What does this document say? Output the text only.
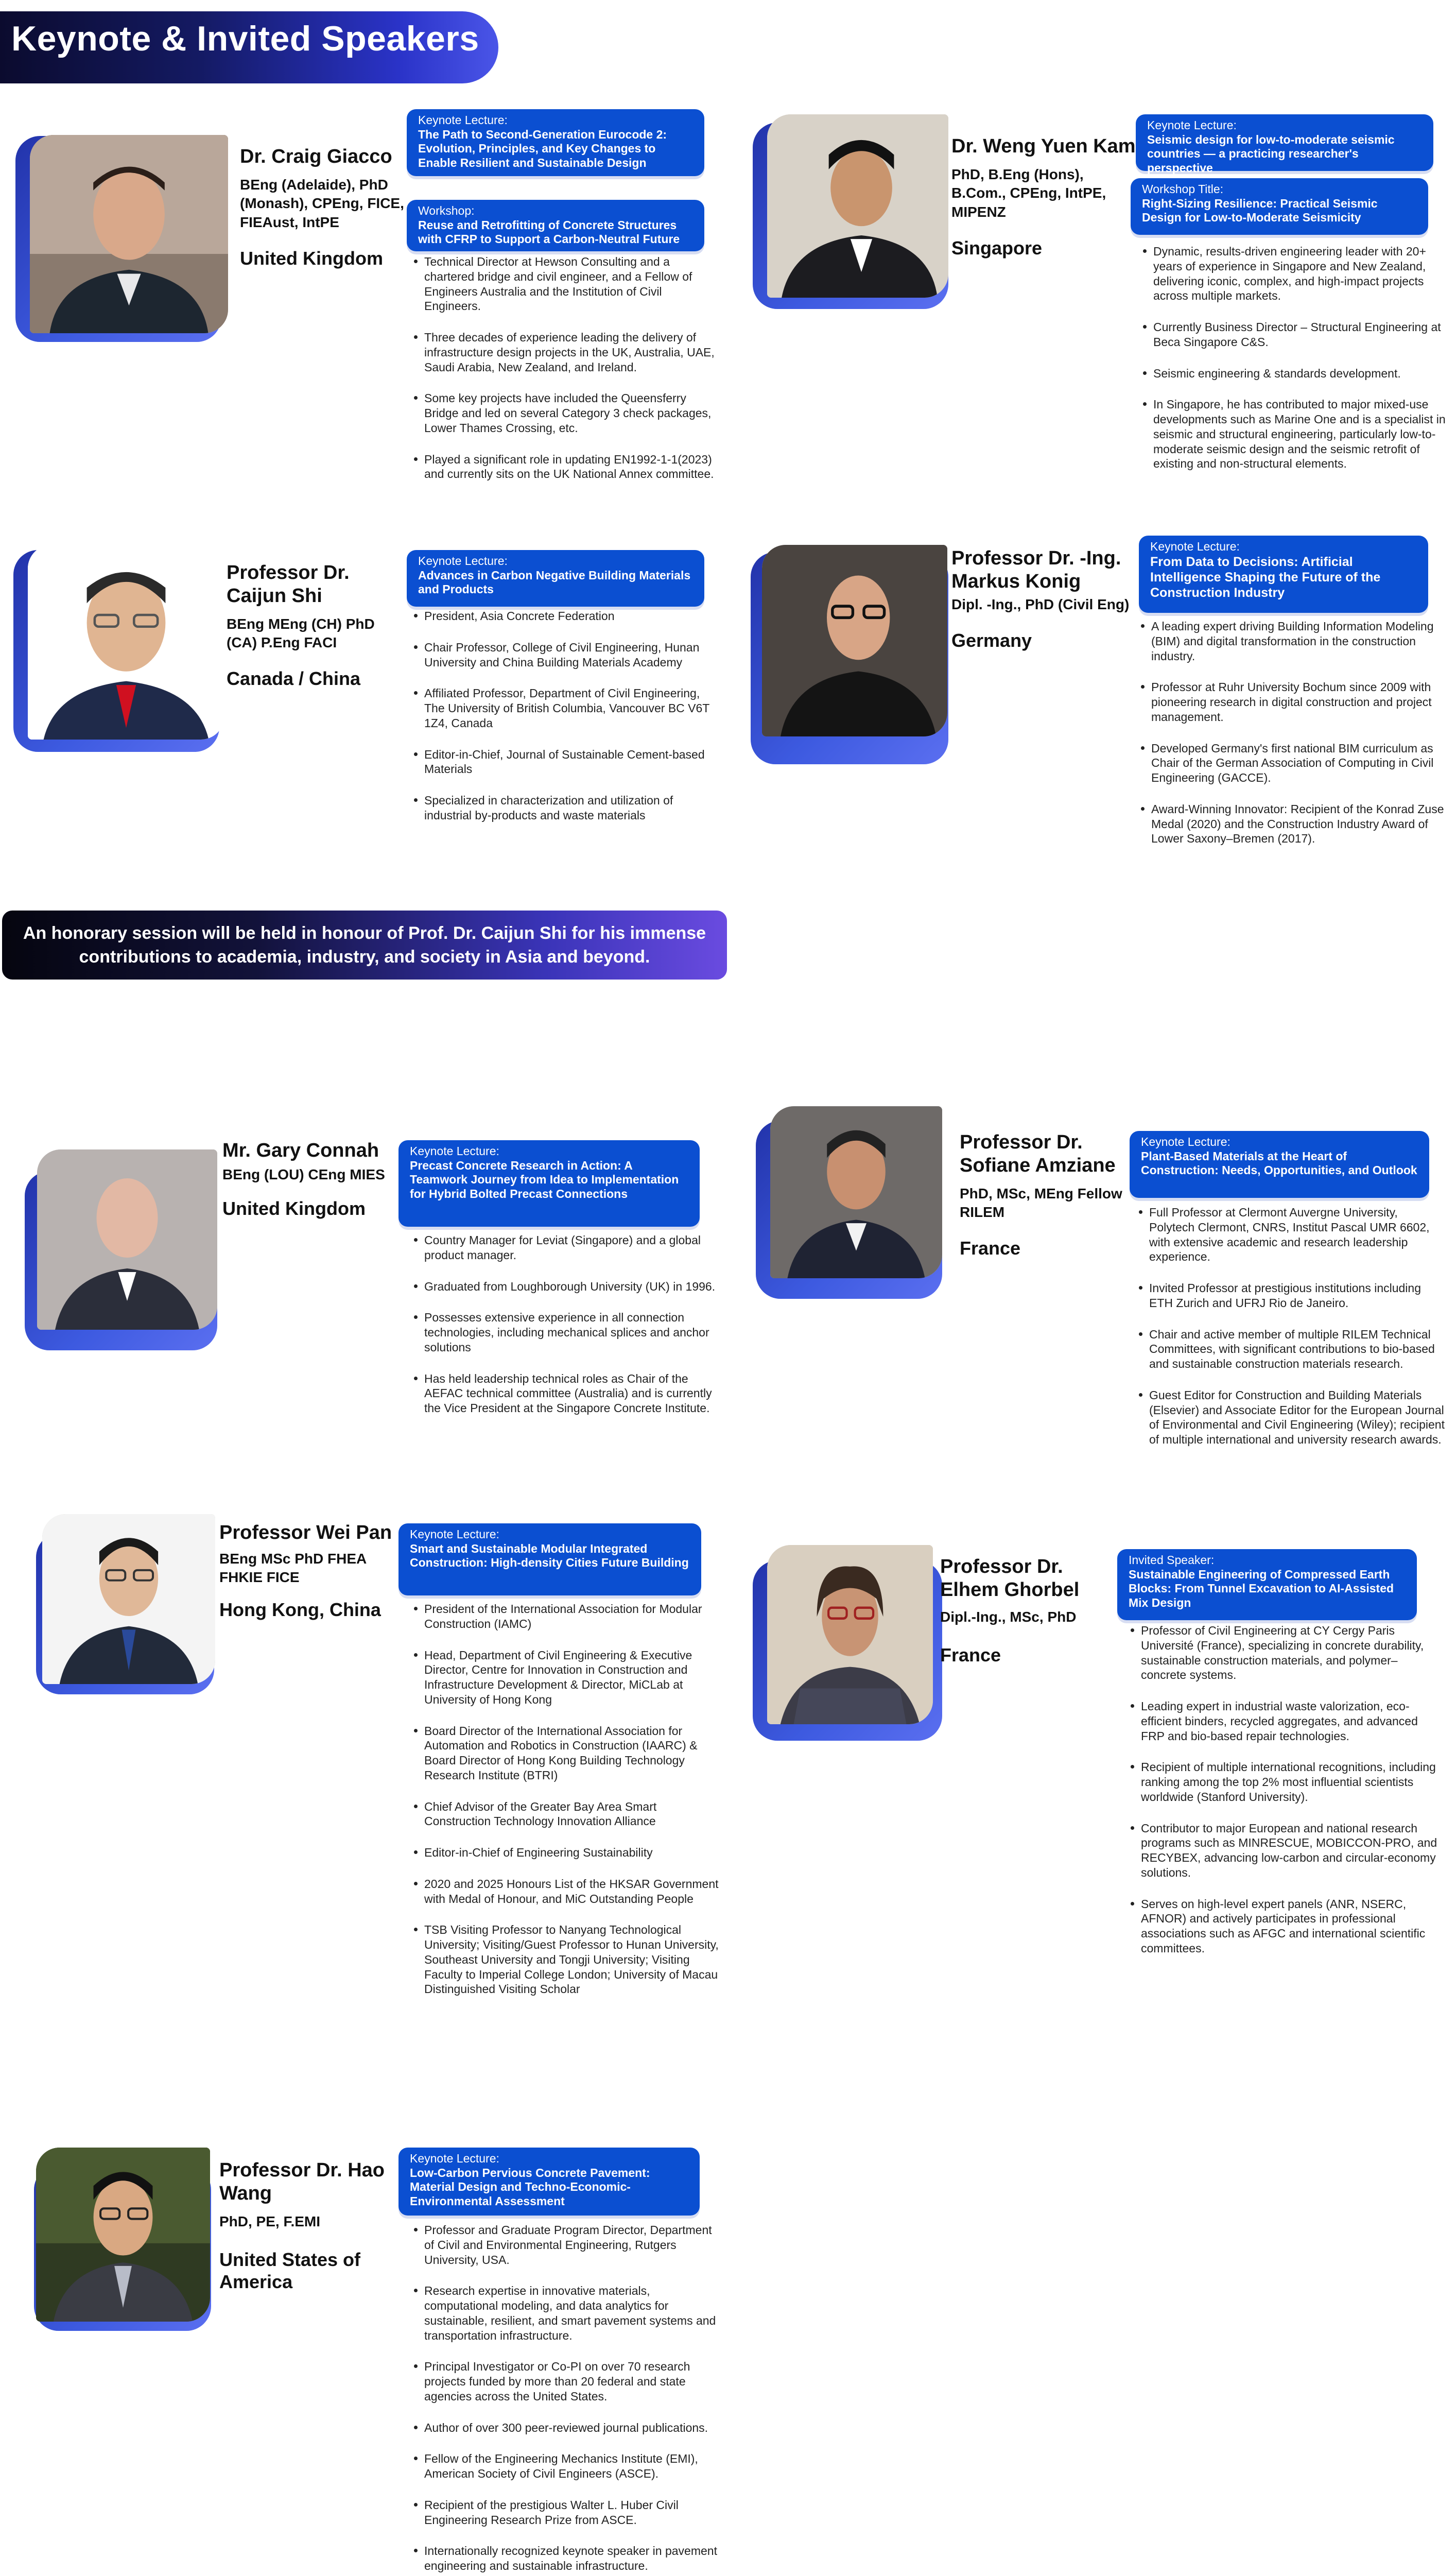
Keynote & Invited Speakers
Dr. Craig Giacco
BEng (Adelaide), PhD (Monash), CPEng, FICE, FIEAust, IntPE
United Kingdom
Keynote Lecture:
The Path to Second-Generation Eurocode 2: Evolution, Principles, and Key Changes to Enable Resilient and Sustainable Design
Workshop:
Reuse and Retrofitting of Concrete Structures with CFRP to Support a Carbon-Neutral Future
Technical Director at Hewson Consulting and a chartered bridge and civil engineer, and a Fellow of Engineers Australia and the Institution of Civil Engineers.
Three decades of experience leading the delivery of infrastructure design projects in the UK, Australia, UAE, Saudi Arabia, New Zealand, and Ireland.
Some key projects have included the Queensferry Bridge and led on several Category 3 check packages, Lower Thames Crossing, etc.
Played a significant role in updating EN1992-1-1(2023) and currently sits on the UK National Annex committee.
Dr. Weng Yuen Kam
PhD, B.Eng (Hons), B.Com., CPEng, IntPE, MIPENZ
Singapore
Keynote Lecture:
Seismic design for low-to-moderate seismic countries — a practicing researcher's perspective
Workshop Title:
Right-Sizing Resilience: Practical Seismic Design for Low-to-Moderate Seismicity
Dynamic, results-driven engineering leader with 20+ years of experience in Singapore and New Zealand, delivering iconic, complex, and high-impact projects across multiple markets.
Currently Business Director – Structural Engineering at Beca Singapore C&S.
Seismic engineering & standards development.
In Singapore, he has contributed to major mixed-use developments such as Marine One and is a specialist in seismic and structural engineering, particularly low-to-moderate seismic design and the seismic retrofit of existing and non-structural elements.
Professor Dr. Caijun Shi
BEng MEng (CH) PhD (CA) P.Eng FACI
Canada / China
Keynote Lecture:
Advances in Carbon Negative Building Materials and Products
President, Asia Concrete Federation
Chair Professor, College of Civil Engineering, Hunan University and China Building Materials Academy
Affiliated Professor, Department of Civil Engineering, The University of British Columbia, Vancouver BC V6T 1Z4, Canada
Editor-in-Chief, Journal of Sustainable Cement-based Materials
Specialized in characterization and utilization of industrial by-products and waste materials
Professor Dr. -Ing. Markus Konig
Dipl. -Ing., PhD (Civil Eng)
Germany
Keynote Lecture:
From Data to Decisions: Artificial Intelligence Shaping the Future of the Construction Industry
A leading expert driving Building Information Modeling (BIM) and digital transformation in the construction industry.
Professor at Ruhr University Bochum since 2009 with pioneering research in digital construction and project management.
Developed Germany's first national BIM curriculum as Chair of the German Association of Computing in Civil Engineering (GACCE).
Award-Winning Innovator: Recipient of the Konrad Zuse Medal (2020) and the Construction Industry Award of Lower Saxony–Bremen (2017).
An honorary session will be held in honour of Prof. Dr. Caijun Shi for his immense contributions to academia, industry, and society in Asia and beyond.
Mr. Gary Connah
BEng (LOU) CEng MIES
United Kingdom
Keynote Lecture:
Precast Concrete Research in Action: A Teamwork Journey from Idea to Implementation for Hybrid Bolted Precast Connections
Country Manager for Leviat (Singapore) and a global product manager.
Graduated from Loughborough University (UK) in 1996.
Possesses extensive experience in all connection technologies, including mechanical splices and anchor solutions
Has held leadership technical roles as Chair of the AEFAC technical committee (Australia) and is currently the Vice President at the Singapore Concrete Institute.
Professor Dr. Sofiane Amziane
PhD, MSc, MEng Fellow RILEM
France
Keynote Lecture:
Plant-Based Materials at the Heart of Construction: Needs, Opportunities, and Outlook
Full Professor at Clermont Auvergne University, Polytech Clermont, CNRS, Institut Pascal UMR 6602, with extensive academic and research leadership experience.
Invited Professor at prestigious institutions including ETH Zurich and UFRJ Rio de Janeiro.
Chair and active member of multiple RILEM Technical Committees, with significant contributions to bio-based and sustainable construction materials research.
Guest Editor for Construction and Building Materials (Elsevier) and Associate Editor for the European Journal of Environmental and Civil Engineering (Wiley); recipient of multiple international and university research awards.
Professor Wei Pan
BEng MSc PhD FHEA FHKIE FICE
Hong Kong, China
Keynote Lecture:
Smart and Sustainable Modular Integrated Construction: High-density Cities Future Building
President of the International Association for Modular Construction (IAMC)
Head, Department of Civil Engineering & Executive Director, Centre for Innovation in Construction and Infrastructure Development & Director, MiCLab at University of Hong Kong
Board Director of the International Association for Automation and Robotics in Construction (IAARC) & Board Director of Hong Kong Building Technology Research Institute (BTRI)
Chief Advisor of the Greater Bay Area Smart Construction Technology Innovation Alliance
Editor-in-Chief of Engineering Sustainability
2020 and 2025 Honours List of the HKSAR Government with Medal of Honour, and MiC Outstanding People
TSB Visiting Professor to Nanyang Technological University; Visiting/Guest Professor to Hunan University, Southeast University and Tongji University; Visiting Faculty to Imperial College London; University of Macau Distinguished Visiting Scholar
Professor Dr. Elhem Ghorbel
Dipl.-Ing., MSc, PhD
France
Invited Speaker:
Sustainable Engineering of Compressed Earth Blocks: From Tunnel Excavation to AI-Assisted Mix Design
Professor of Civil Engineering at CY Cergy Paris Université (France), specializing in concrete durability, sustainable construction materials, and polymer–concrete systems.
Leading expert in industrial waste valorization, eco-efficient binders, recycled aggregates, and advanced FRP and bio-based repair technologies.
Recipient of multiple international recognitions, including ranking among the top 2% most influential scientists worldwide (Stanford University).
Contributor to major European and national research programs such as MINRESCUE, MOBICCON-PRO, and RECYBEX, advancing low-carbon and circular-economy solutions.
Serves on high-level expert panels (ANR, NSERC, AFNOR) and actively participates in professional associations such as AFGC and international scientific committees.
Professor Dr. Hao Wang
PhD, PE, F.EMI
United States of America
Keynote Lecture:
Low-Carbon Pervious Concrete Pavement: Material Design and Techno-Economic-Environmental Assessment
Professor and Graduate Program Director, Department of Civil and Environmental Engineering, Rutgers University, USA.
Research expertise in innovative materials, computational modeling, and data analytics for sustainable, resilient, and smart pavement systems and transportation infrastructure.
Principal Investigator or Co-PI on over 70 research projects funded by more than 20 federal and state agencies across the United States.
Author of over 300 peer-reviewed journal publications.
Fellow of the Engineering Mechanics Institute (EMI), American Society of Civil Engineers (ASCE).
Recipient of the prestigious Walter L. Huber Civil Engineering Research Prize from ASCE.
Internationally recognized keynote speaker in pavement engineering and sustainable infrastructure.
